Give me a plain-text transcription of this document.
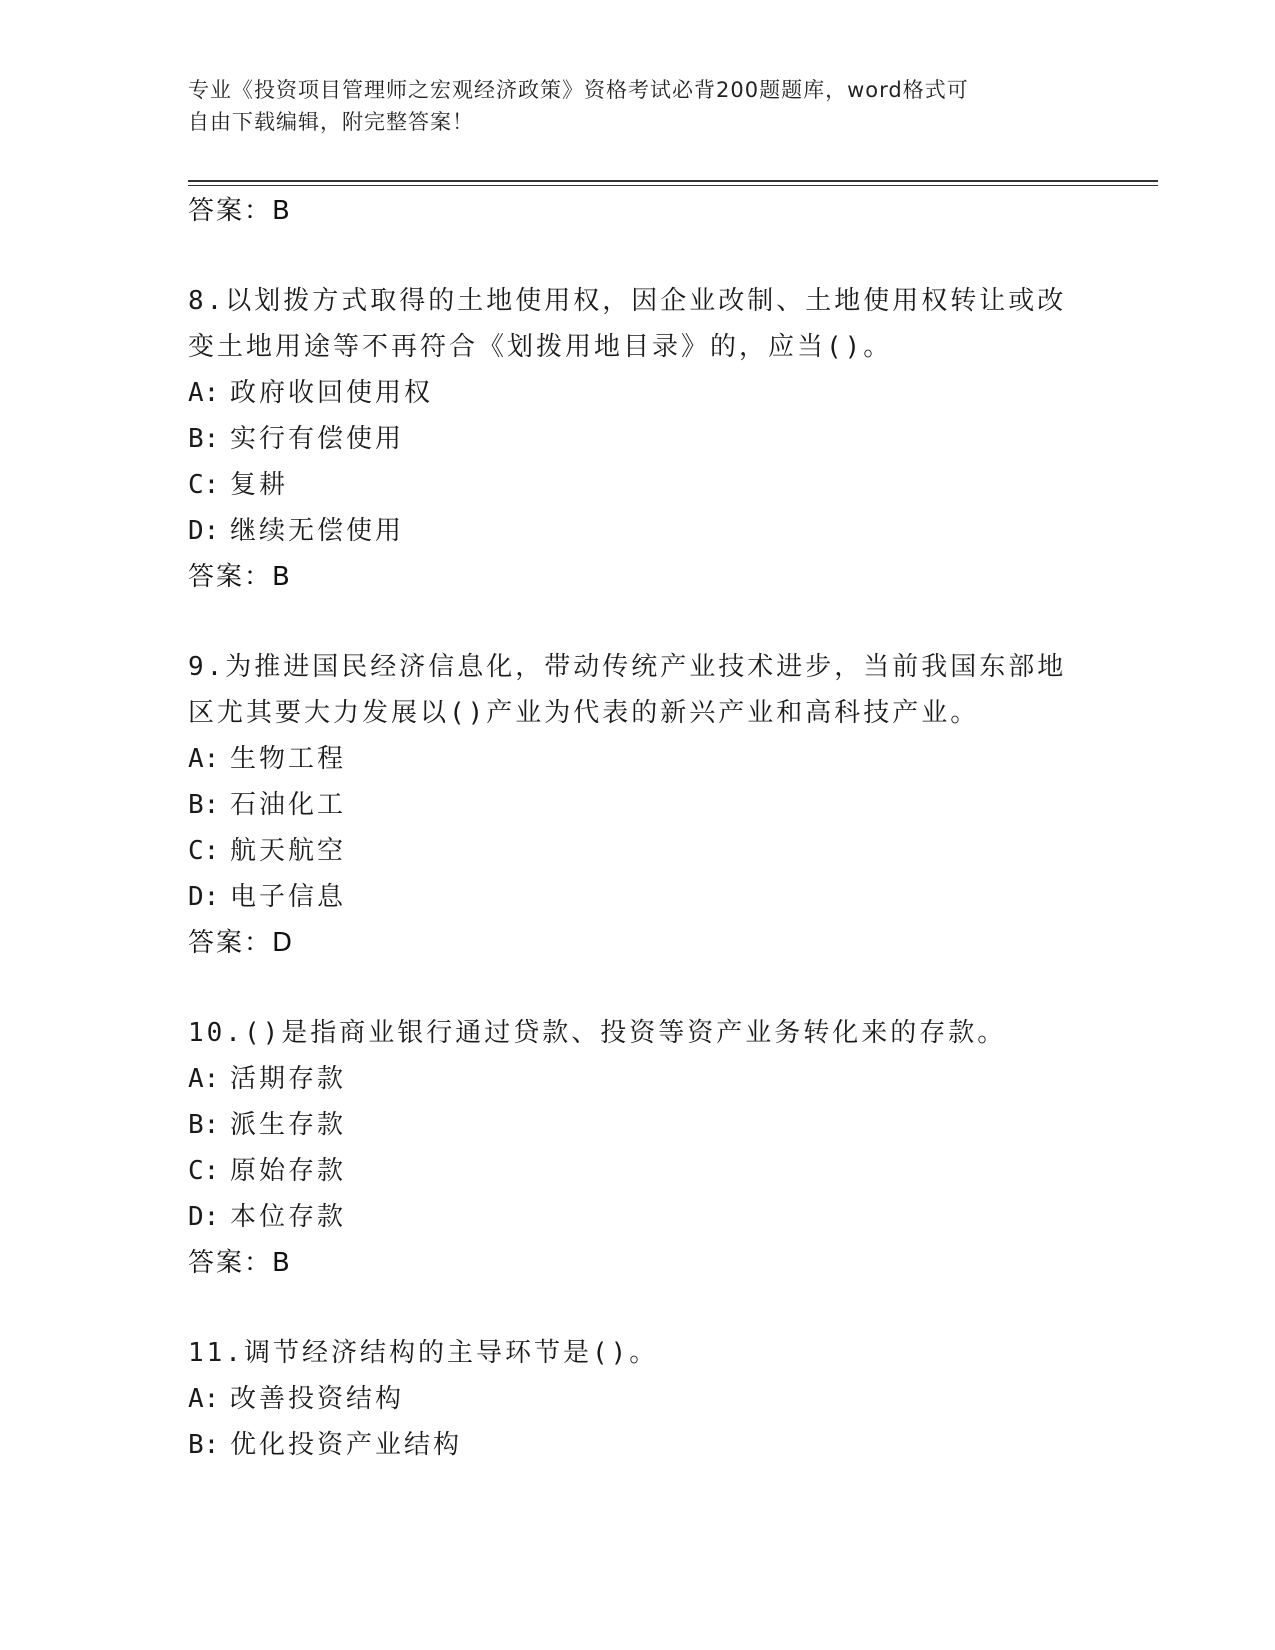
专业《投资项目管理师之宏观经济政策》资格考试必背200题题库，word格式可
自由下载编辑，附完整答案！
答案：B
8.以划拨方式取得的土地使用权，因企业改制、土地使用权转让或改
变土地用途等不再符合《划拨用地目录》的，应当()。
A: 政府收回使用权
B: 实行有偿使用
C: 复耕
D: 继续无偿使用
答案：B
9.为推进国民经济信息化，带动传统产业技术进步，当前我国东部地
区尤其要大力发展以()产业为代表的新兴产业和高科技产业。
A: 生物工程
B: 石油化工
C: 航天航空
D: 电子信息
答案：D
10.()是指商业银行通过贷款、投资等资产业务转化来的存款。
A: 活期存款
B: 派生存款
C: 原始存款
D: 本位存款
答案：B
11.调节经济结构的主导环节是()。
A: 改善投资结构
B: 优化投资产业结构
